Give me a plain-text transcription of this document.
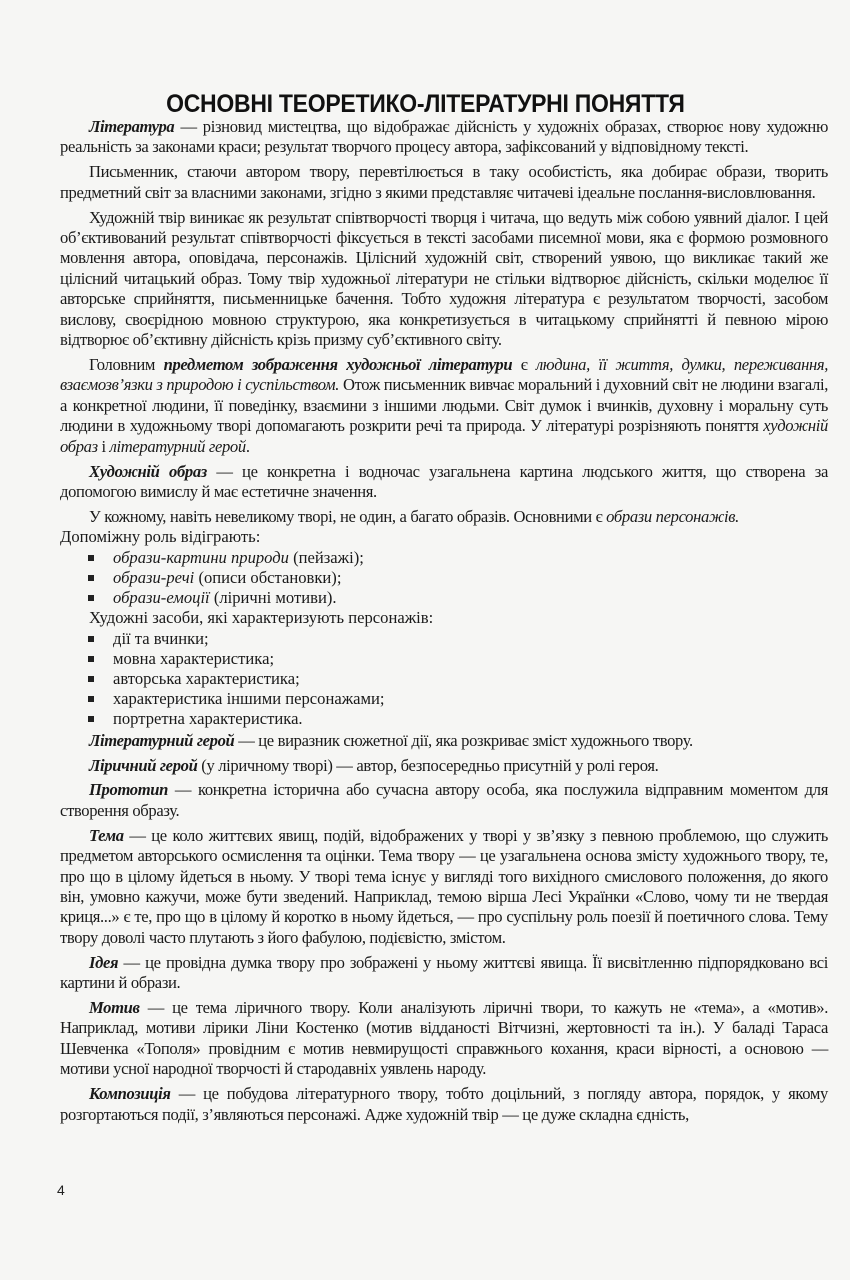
ОСНОВНІ ТЕОРЕТИКО-ЛІТЕРАТУРНІ ПОНЯТТЯ

Література — різновид мистецтва, що відображає дійсність у художніх образах, створює нову художню реальність за законами краси; результат творчого процесу автора, зафіксований у відповідному тексті.

Письменник, стаючи автором твору, перевтілюється в таку особистість, яка добирає образи, творить предметний світ за власними законами, згідно з якими представляє читачеві ідеальне послання-висловлювання.

Художній твір виникає як результат співтворчості творця і читача, що ведуть між собою уявний діалог. І цей об’єктивований результат співтворчості фіксується в тексті засобами писемної мови, яка є формою розмовного мовлення автора, оповідача, персонажів. Цілісний художній світ, створений уявою, що викликає такий же цілісний читацький образ. Тому твір художньої літератури не стільки відтворює дійсність, скільки моделює її авторське сприйняття, письменницьке бачення. Тобто художня література є результатом творчості, засобом вислову, своєрідною мовною структурою, яка конкретизується в читацькому сприйнятті й певною мірою відтворює об’єктивну дійсність крізь призму суб’єктивного світу.

Головним предметом зображення художньої літератури є людина, її життя, думки, переживання, взаємозв’язки з природою і суспільством. Отож письменник вивчає моральний і духовний світ не людини взагалі, а конкретної людини, її поведінку, взаємини з іншими людьми. Світ думок і вчинків, духовну і моральну суть людини в художньому творі допомагають розкрити речі та природа. У літературі розрізняють поняття художній образ і літературний герой.

Художній образ — це конкретна і водночас узагальнена картина людського життя, що створена за допомогою вимислу й має естетичне значення.

У кожному, навіть невеликому творі, не один, а багато образів. Основними є образи персонажів.

Допоміжну роль відіграють:

образи-картини природи (пейзажі);
образи-речі (описи обстановки);
образи-емоції (ліричні мотиви).

Художні засоби, які характеризують персонажів:

дії та вчинки;
мовна характеристика;
авторська характеристика;
характеристика іншими персонажами;
портретна характеристика.

Літературний герой — це виразник сюжетної дії, яка розкриває зміст художнього твору.

Ліричний герой (у ліричному творі) — автор, безпосередньо присутній у ролі героя.

Прототип — конкретна історична або сучасна автору особа, яка послужила відправним моментом для створення образу.

Тема — це коло життєвих явищ, подій, відображених у творі у зв’язку з певною проблемою, що служить предметом авторського осмислення та оцінки. Тема твору — це узагальнена основа змісту художнього твору, те, про що в цілому йдеться в ньому. У творі тема існує у вигляді того вихідного смислового положення, до якого він, умовно кажучи, може бути зведений. Наприклад, темою вірша Лесі Українки «Слово, чому ти не твердая криця...» є те, про що в цілому й коротко в ньому йдеться, — про суспільну роль поезії й поетичного слова. Тему твору доволі часто плутають з його фабулою, подієвістю, змістом.

Ідея — це провідна думка твору про зображені у ньому життєві явища. Її висвітленню підпорядковано всі картини й образи.

Мотив — це тема ліричного твору. Коли аналізують ліричні твори, то кажуть не «тема», а «мотив». Наприклад, мотиви лірики Ліни Костенко (мотив відданості Вітчизні, жертовності та ін.). У баладі Тараса Шевченка «Тополя» провідним є мотив невмирущості справжнього кохання, краси вірності, а основою — мотиви усної народної творчості й стародавніх уявлень народу.

Композиція — це побудова літературного твору, тобто доцільний, з погляду автора, порядок, у якому розгортаються події, з’являються персонажі. Адже художній твір — це дуже складна єдність,

4
